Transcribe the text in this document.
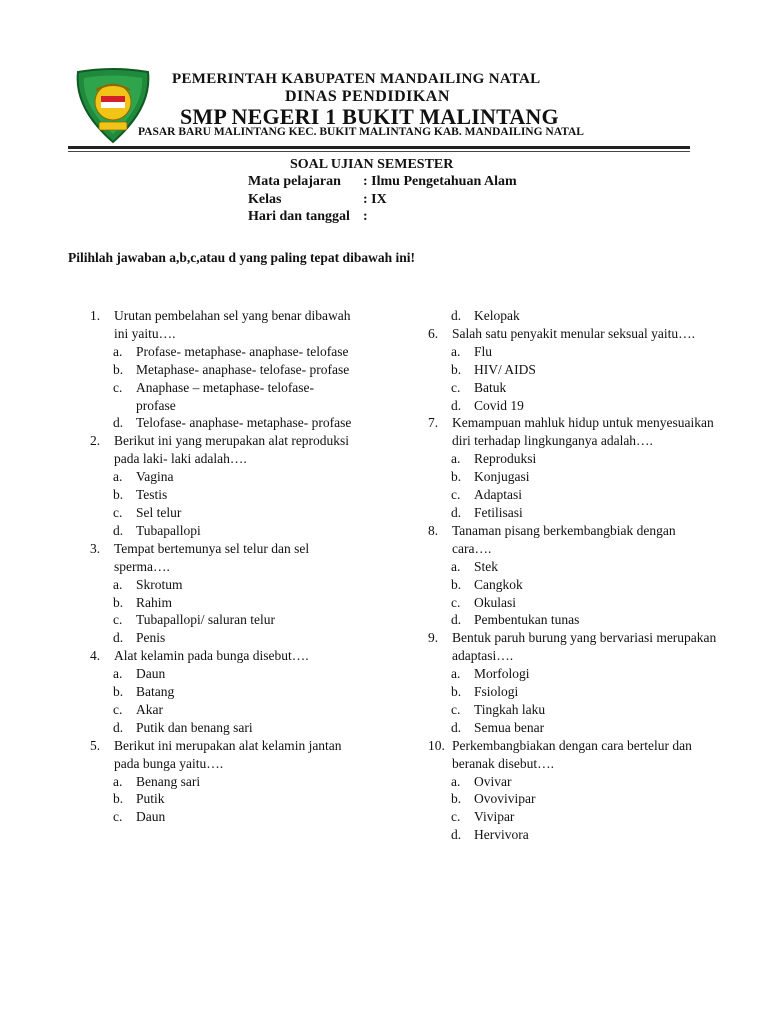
PEMERINTAH KABUPATEN MANDAILING NATAL
DINAS PENDIDIKAN
SMP NEGERI 1 BUKIT MALINTANG
PASAR BARU MALINTANG KEC. BUKIT MALINTANG KAB. MANDAILING NATAL
SOAL UJIAN SEMESTER
Mata pelajaran : Ilmu Pengetahuan Alam
Kelas	: IX
Hari dan tanggal :
Pilihlah jawaban a,b,c,atau d yang paling tepat dibawah ini!
1. Urutan pembelahan sel yang benar dibawah ini yaitu….
a. Profase- metaphase- anaphase- telofase
b. Metaphase- anaphase- telofase- profase
c. Anaphase – metaphase- telofase- profase
d. Telofase- anaphase- metaphase- profase
2. Berikut ini yang merupakan alat reproduksi pada laki- laki adalah….
a. Vagina
b. Testis
c. Sel telur
d. Tubapallopi
3. Tempat bertemunya sel telur dan sel sperma….
a. Skrotum
b. Rahim
c. Tubapallopi/ saluran telur
d. Penis
4. Alat kelamin pada bunga disebut….
a. Daun
b. Batang
c. Akar
d. Putik dan benang sari
5. Berikut ini merupakan alat kelamin jantan pada bunga yaitu….
a. Benang sari
b. Putik
c. Daun
d. Kelopak
6. Salah satu penyakit menular seksual yaitu….
a. Flu
b. HIV/ AIDS
c. Batuk
d. Covid 19
7. Kemampuan mahluk hidup untuk menyesuaikan diri terhadap lingkunganya adalah….
a. Reproduksi
b. Konjugasi
c. Adaptasi
d. Fetilisasi
8. Tanaman pisang berkembangbiak dengan cara….
a. Stek
b. Cangkok
c. Okulasi
d. Pembentukan tunas
9. Bentuk paruh burung yang bervariasi merupakan adaptasi….
a. Morfologi
b. Fsiologi
c. Tingkah laku
d. Semua benar
10. Perkembangbiakan dengan cara bertelur dan beranak disebut….
a. Ovivar
b. Ovovivipar
c. Vivipar
d. Hervivora
